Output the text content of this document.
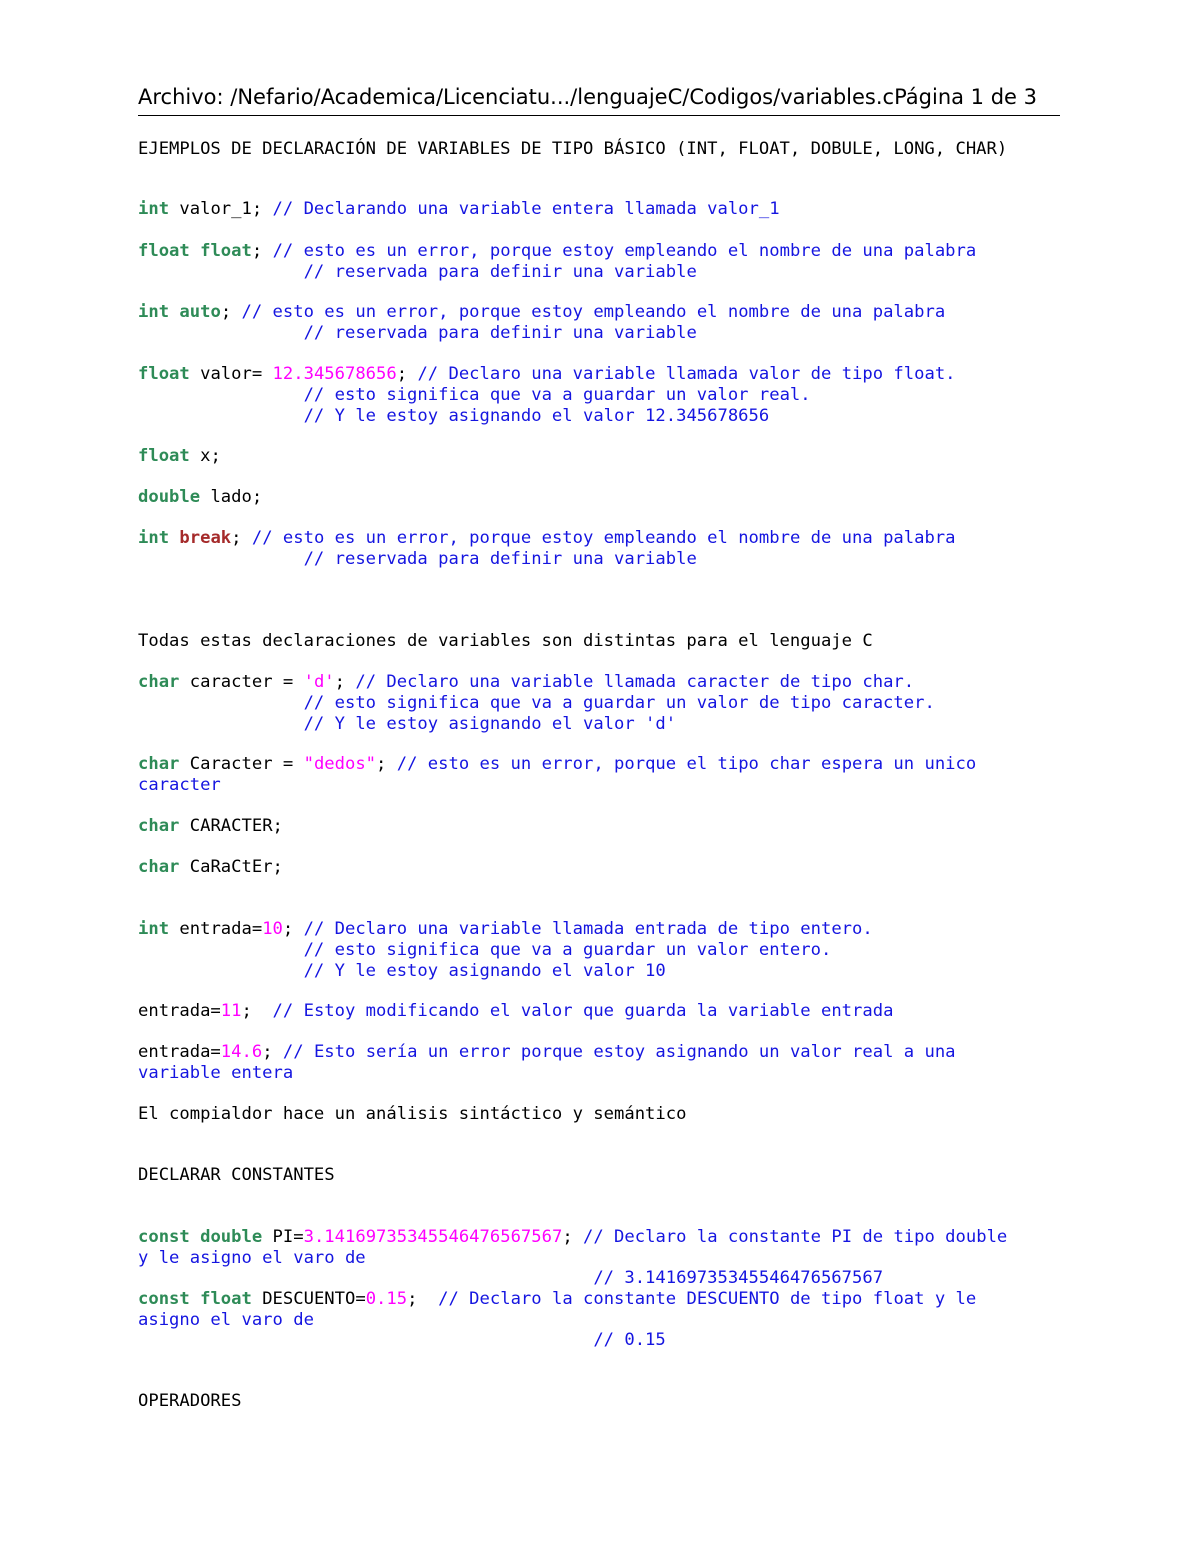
Archivo: /Nefario/Academica/Licenciatu.../lenguajeC/Codigos/variables.cPágina 1 de 3
EJEMPLOS DE DECLARACIÓN DE VARIABLES DE TIPO BÁSICO (INT, FLOAT, DOBULE, LONG, CHAR)
int valor_1; // Declarando una variable entera llamada valor_1
float float; // esto es un error, porque estoy empleando el nombre de una palabra
// reservada para definir una variable
int auto; // esto es un error, porque estoy empleando el nombre de una palabra
// reservada para definir una variable
float valor= 12.345678656; // Declaro una variable llamada valor de tipo float.
// esto significa que va a guardar un valor real.
// Y le estoy asignando el valor 12.345678656
float x;
double lado;
int break; // esto es un error, porque estoy empleando el nombre de una palabra
// reservada para definir una variable
Todas estas declaraciones de variables son distintas para el lenguaje C
char caracter = 'd'; // Declaro una variable llamada caracter de tipo char.
// esto significa que va a guardar un valor de tipo caracter.
// Y le estoy asignando el valor 'd'
char Caracter = "dedos"; // esto es un error, porque el tipo char espera un unico
caracter
char CARACTER;
char CaRaCtEr;
int entrada=10; // Declaro una variable llamada entrada de tipo entero.
// esto significa que va a guardar un valor entero.
// Y le estoy asignando el valor 10
entrada=11;  // Estoy modificando el valor que guarda la variable entrada
entrada=14.6; // Esto sería un error porque estoy asignando un valor real a una
variable entera
El compialdor hace un análisis sintáctico y semántico
DECLARAR CONSTANTES
const double PI=3.14169735345546476567567; // Declaro la constante PI de tipo double
y le asigno el varo de
// 3.14169735345546476567567
const float DESCUENTO=0.15;  // Declaro la constante DESCUENTO de tipo float y le
asigno el varo de
// 0.15
OPERADORES
